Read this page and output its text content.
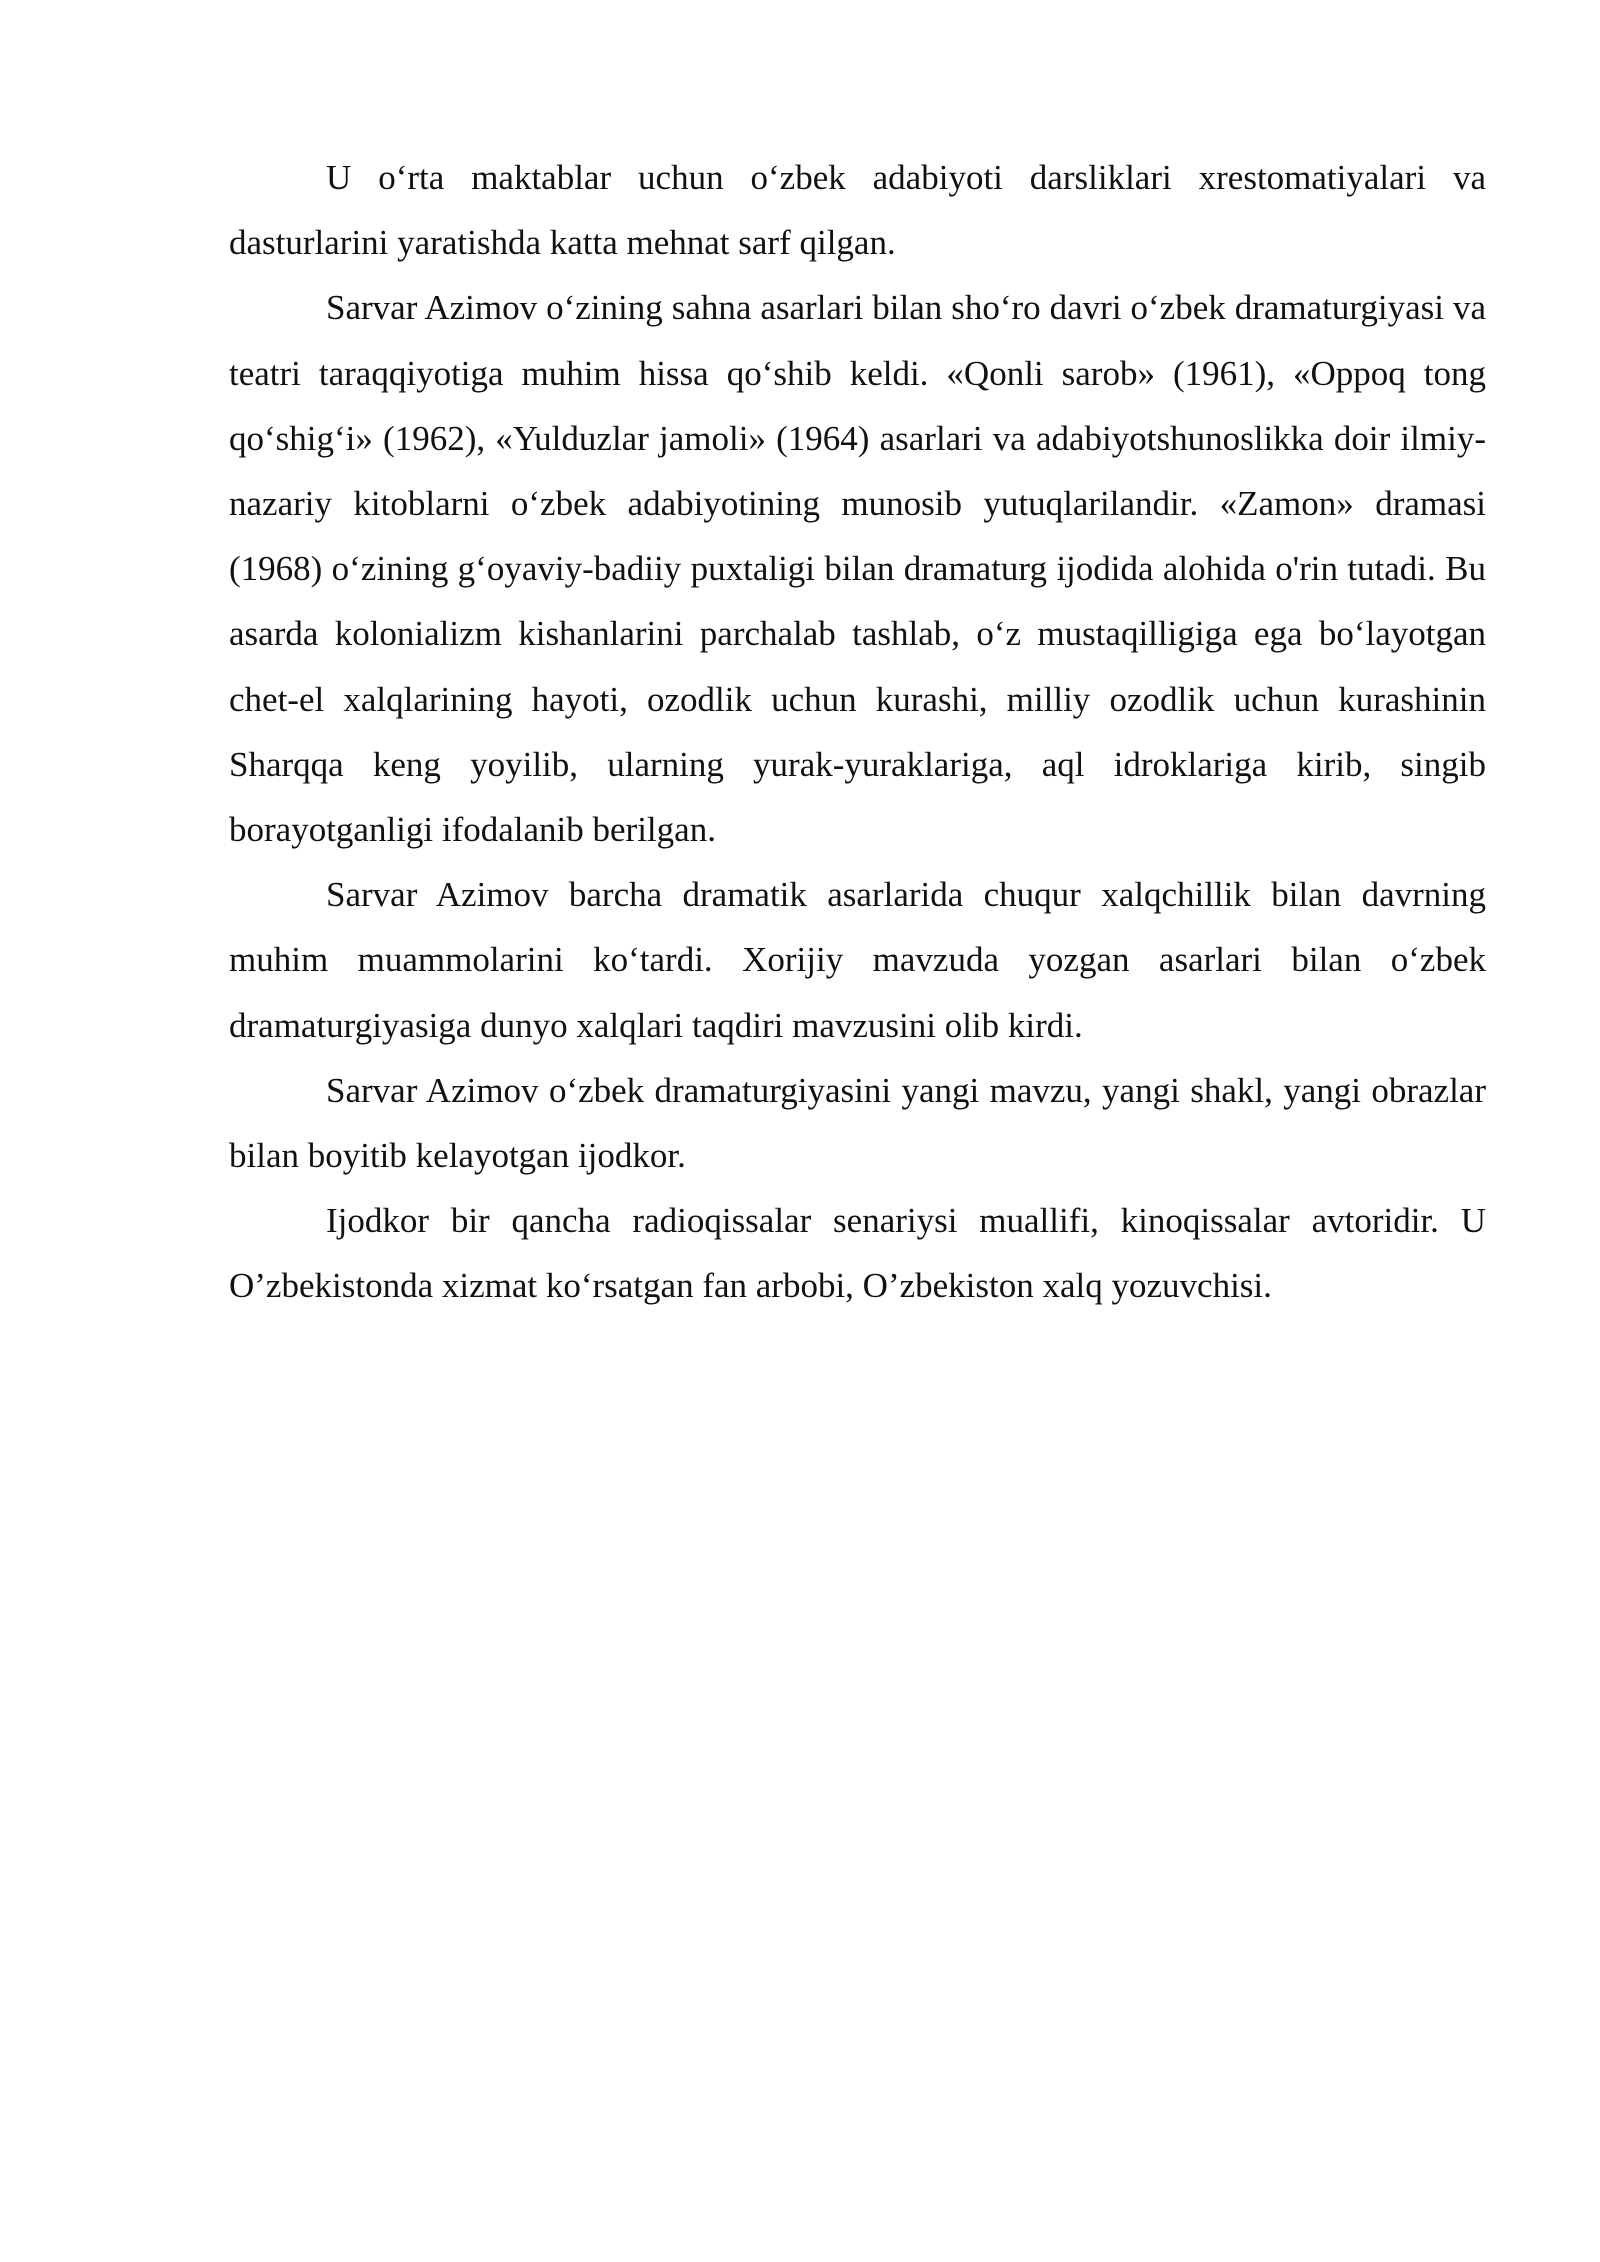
U o‘rta maktablar uchun o‘zbek adabiyoti darsliklari xrestomatiyalari va dasturlarini yaratishda katta mehnat sarf qilgan.

Sarvar Azimov o‘zining sahna asarlari bilan sho‘ro davri o‘zbek dramaturgiyasi va teatri taraqqiyotiga muhim hissa qo‘shib keldi. «Qonli sarob» (1961), «Oppoq tong qo‘shig‘i» (1962), «Yulduzlar jamoli» (1964) asarlari va adabiyotshunoslikka doir ilmiy-nazariy kitoblarni o‘zbek adabiyotining munosib yutuqlarilandir. «Zamon» dramasi (1968) o‘zining g‘oyaviy-badiiy puxtaligi bilan dramaturg ijodida alohida o'rin tutadi. Bu asarda kolonializm kishanlarini parchalab tashlab, o‘z mustaqilligiga ega bo‘layotgan chet-el xalqlarining hayoti, ozodlik uchun kurashi, milliy ozodlik uchun kurashinin Sharqqa keng yoyilib, ularning yurak-yuraklariga, aql idroklariga kirib, singib borayotganligi ifodalanib berilgan.

Sarvar Azimov barcha dramatik asarlarida chuqur xalqchillik bilan davrning muhim muammolarini ko‘tardi. Xorijiy mavzuda yozgan asarlari bilan o‘zbek dramaturgiyasiga dunyo xalqlari taqdiri mavzusini olib kirdi.

Sarvar Azimov o‘zbek dramaturgiyasini yangi mavzu, yangi shakl, yangi obrazlar bilan boyitib kelayotgan ijodkor.

Ijodkor bir qancha radioqissalar senariysi muallifi, kinoqissalar avtoridir. U O’zbekistonda xizmat ko‘rsatgan fan arbobi, O’zbekiston xalq yozuvchisi.
